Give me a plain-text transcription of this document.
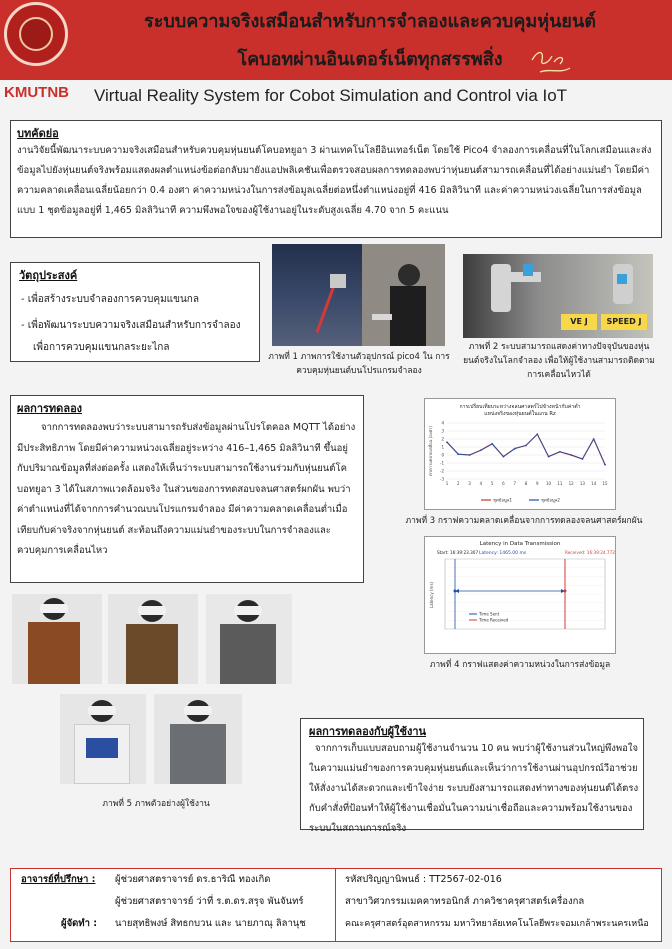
ระบบความจริงเสมือนสำหรับการจำลองและควบคุมหุ่นยนต์
โคบอทผ่านอินเตอร์เน็ตทุกสรรพสิ่ง
KMUTNB Virtual Reality System for Cobot Simulation and Control via IoT
บทคัดย่อ
งานวิจัยนี้พัฒนาระบบความจริงเสมือนสำหรับควบคุมหุ่นยนต์โคบอทยูอา 3 ผ่านเทคโนโลยีอินเทอร์เน็ต โดยใช้ Pico4 จำลองการเคลื่อนที่ในโลกเสมือนและส่งข้อมูลไปยังหุ่นยนต์จริงพร้อมแสดงผลตำแหน่งข้อต่อกลับมายังแอปพลิเคชันเพื่อตรวจสอบผลการทดลองพบว่าหุ่นยนต์สามารถเคลื่อนที่ได้อย่างแม่นยำ โดยมีค่าความคลาดเคลื่อนเฉลี่ยน้อยกว่า 0.4 องศา ค่าความหน่วงในการส่งข้อมูลเฉลี่ยต่อหนึ่งตำแหน่งอยู่ที่ 416 มิลลิวินาที และค่าความหน่วงเฉลี่ยในการส่งข้อมูลแบบ 1 ชุดข้อมูลอยู่ที่ 1,465 มิลลิวินาที ความพึงพอใจของผู้ใช้งานอยู่ในระดับสูงเฉลี่ย 4.70 จาก 5 คะแนน
วัตถุประสงค์
- เพื่อสร้างระบบจำลองการควบคุมแขนกล
- เพื่อพัฒนาระบบความจริงเสมือนสำหรับการจำลอง
เพื่อการควบคุมแขนกลระยะไกล
ภาพที่ 1 ภาพการใช้งานตัวอุปกรณ์ pico4 ใน การควบคุมหุ่นยนต์บนโปรแกรมจำลอง
VE J	SPEED J
ภาพที่ 2 ระบบสามารถแสดงค่าทางปัจจุบันของหุ่นยนต์จริงในโลกจำลอง เพื่อให้ผู้ใช้งานสามารถติดตามการเคลื่อนไหวได้
ผลการทดลอง
จากการทดลองพบว่าระบบสามารถรับส่งข้อมูลผ่านโปรโตคอล MQTT ได้อย่างมีประสิทธิภาพ โดยมีค่าความหน่วงเฉลี่ยอยู่ระหว่าง 416–1,465 มิลลิวินาที ขึ้นอยู่กับปริมาณข้อมูลที่ส่งต่อครั้ง แสดงให้เห็นว่าระบบสามารถใช้งานร่วมกับหุ่นยนต์โคบอทยูอา 3 ได้ในสภาพแวดล้อมจริง ในส่วนของการทดสอบจลนศาสตร์ผกผัน พบว่าค่าตำแหน่งที่ได้จากการคำนวณบนโปรแกรมจำลอง มีค่าความคลาดเคลื่อนต่ำเมื่อเทียบกับค่าจริงจากหุ่นยนต์ สะท้อนถึงความแม่นยำของระบบในการจำลองและควบคุมการเคลื่อนไหว
การเปรียบเทียบระหว่างจลนศาสตร์ไปข้างหน้ากับค่าตำ
แหน่งจริงของหุ่นยนต์ในแกน Rz
-3
-2
-1
0
1
2
3
4
ค่าความคลาดเคลื่อน (องศา)
1 2 3 4 5 6 7 8 9 10 11 12 13 14 15
ชุดข้อมูล1	ชุดข้อมูล2
ภาพที่ 3 กราฟความคลาดเคลื่อนจากการทดลองจลนศาสตร์ผกผัน
Latency in Data Transmission
Start: 16:39:23.307 Latency: 1465.00 ms	Received: 16:39:24.772
Latency (ms)
Time Sent
Time Received
ภาพที่ 4 กราฟแสดงค่าความหน่วงในการส่งข้อมูล
ภาพที่ 5 ภาพตัวอย่างผู้ใช้งาน
ผลการทดลองกับผู้ใช้งาน
จากการเก็บแบบสอบถามผู้ใช้งานจำนวน 10 คน พบว่าผู้ใช้งานส่วนใหญ่พึงพอใจในความแม่นยำของการควบคุมหุ่นยนต์และเห็นว่าการใช้งานผ่านอุปกรณ์วีอาช่วยให้สั่งงานได้สะดวกและเข้าใจง่าย ระบบยังสามารถแสดงท่าทางของหุ่นยนต์ได้ตรงกับคำสั่งที่ป้อนทำให้ผู้ใช้งานเชื่อมั่นในความน่าเชื่อถือและความพร้อมใช้งานของระบบในสถานการณ์จริง
อาจารย์ที่ปรึกษา : ผู้ช่วยศาสตราจารย์ ดร.ธาริณี ทองเกิด
ผู้ช่วยศาสตราจารย์ ว่าที่ ร.ต.ดร.สรุจ พันจันทร์
ผู้จัดทำ : นายสุทธิพงษ์ สิทธกบวน และ นายภาณุ ลิลานุช
รหัสปริญญานิพนธ์ : TT2567-02-016
สาขาวิศวกรรมเมคคาทรอนิกส์ ภาควิชาครุศาสตร์เครื่องกล
คณะครุศาสตร์อุตสาหกรรม มหาวิทยาลัยเทคโนโลยีพระจอมเกล้าพระนครเหนือ
